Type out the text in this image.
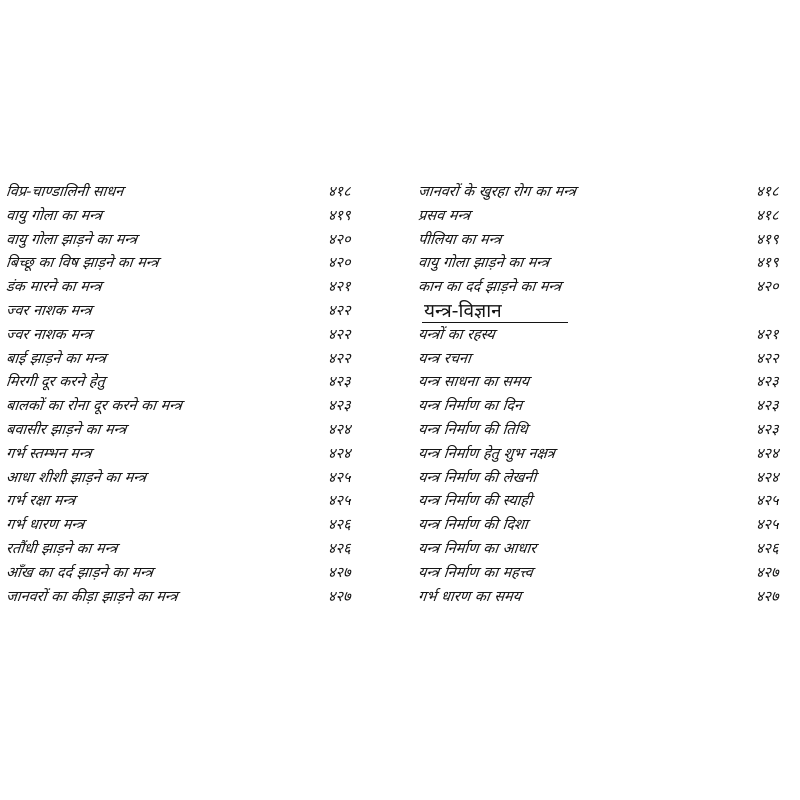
विप्र-चाण्डालिनी साधन	४१८
वायु गोला का मन्त्र	४१९
वायु गोला झाड़ने का मन्त्र	४२०
बिच्छू का विष झाड़ने का मन्त्र	४२०
डंक मारने का मन्त्र	४२१
ज्वर नाशक मन्त्र	४२२
ज्वर नाशक मन्त्र	४२२
बाई झाड़ने का मन्त्र	४२२
मिरगी दूर करने हेतु	४२३
बालकों का रोना दूर करने का मन्त्र	४२३
बवासीर झाड़ने का मन्त्र	४२४
गर्भ स्तम्भन मन्त्र	४२४
आधा शीशी झाड़ने का मन्त्र	४२५
गर्भ रक्षा मन्त्र	४२५
गर्भ धारण मन्त्र	४२६
रतौंधी झाड़ने का मन्त्र	४२६
आँख का दर्द झाड़ने का मन्त्र	४२७
जानवरों का कीड़ा झाड़ने का मन्त्र	४२७
जानवरों के खुरहा रोग का मन्त्र	४१८
प्रसव मन्त्र	४१८
पीलिया का मन्त्र	४१९
वायु गोला झाड़ने का मन्त्र	४१९
कान का दर्द झाड़ने का मन्त्र	४२०
यन्त्र-विज्ञान
यन्त्रों का रहस्य	४२१
यन्त्र रचना	४२२
यन्त्र साधना का समय	४२३
यन्त्र निर्माण का दिन	४२३
यन्त्र निर्माण की तिथि	४२३
यन्त्र निर्माण हेतु शुभ नक्षत्र	४२४
यन्त्र निर्माण की लेखनी	४२४
यन्त्र निर्माण की स्याही	४२५
यन्त्र निर्माण की दिशा	४२५
यन्त्र निर्माण का आधार	४२६
यन्त्र निर्माण का महत्त्व	४२७
गर्भ धारण का समय	४२७
